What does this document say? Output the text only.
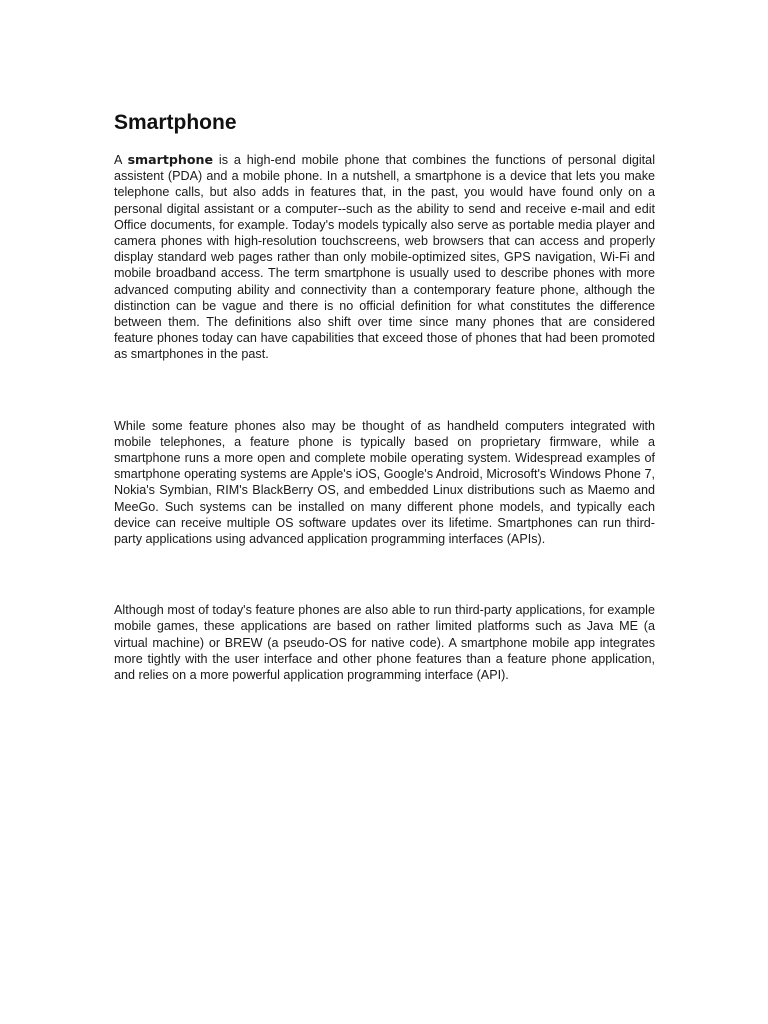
Smartphone

A smartphone is a high-end mobile phone that combines the functions of personal digital assistent (PDA) and a mobile phone. In a nutshell, a smartphone is a device that lets you make telephone calls, but also adds in features that, in the past, you would have found only on a personal digital assistant or a computer--such as the ability to send and receive e-mail and edit Office documents, for example. Today's models typically also serve as portable media player and camera phones with high-resolution touchscreens, web browsers that can access and properly display standard web pages rather than only mobile-optimized sites, GPS navigation, Wi-Fi and mobile broadband access. The term smartphone is usually used to describe phones with more advanced computing ability and connectivity than a contemporary feature phone, although the distinction can be vague and there is no official definition for what constitutes the difference between them. The definitions also shift over time since many phones that are considered feature phones today can have capabilities that exceed those of phones that had been promoted as smartphones in the past.

While some feature phones also may be thought of as handheld computers integrated with mobile telephones, a feature phone is typically based on proprietary firmware, while a smartphone runs a more open and complete mobile operating system. Widespread examples of smartphone operating systems are Apple's iOS, Google's Android, Microsoft's Windows Phone 7, Nokia's Symbian, RIM's BlackBerry OS, and embedded Linux distributions such as Maemo and MeeGo. Such systems can be installed on many different phone models, and typically each device can receive multiple OS software updates over its lifetime. Smartphones can run third-party applications using advanced application programming interfaces (APIs).

Although most of today's feature phones are also able to run third-party applications, for example mobile games, these applications are based on rather limited platforms such as Java ME (a virtual machine) or BREW (a pseudo-OS for native code). A smartphone mobile app integrates more tightly with the user interface and other phone features than a feature phone application, and relies on a more powerful application programming interface (API).
